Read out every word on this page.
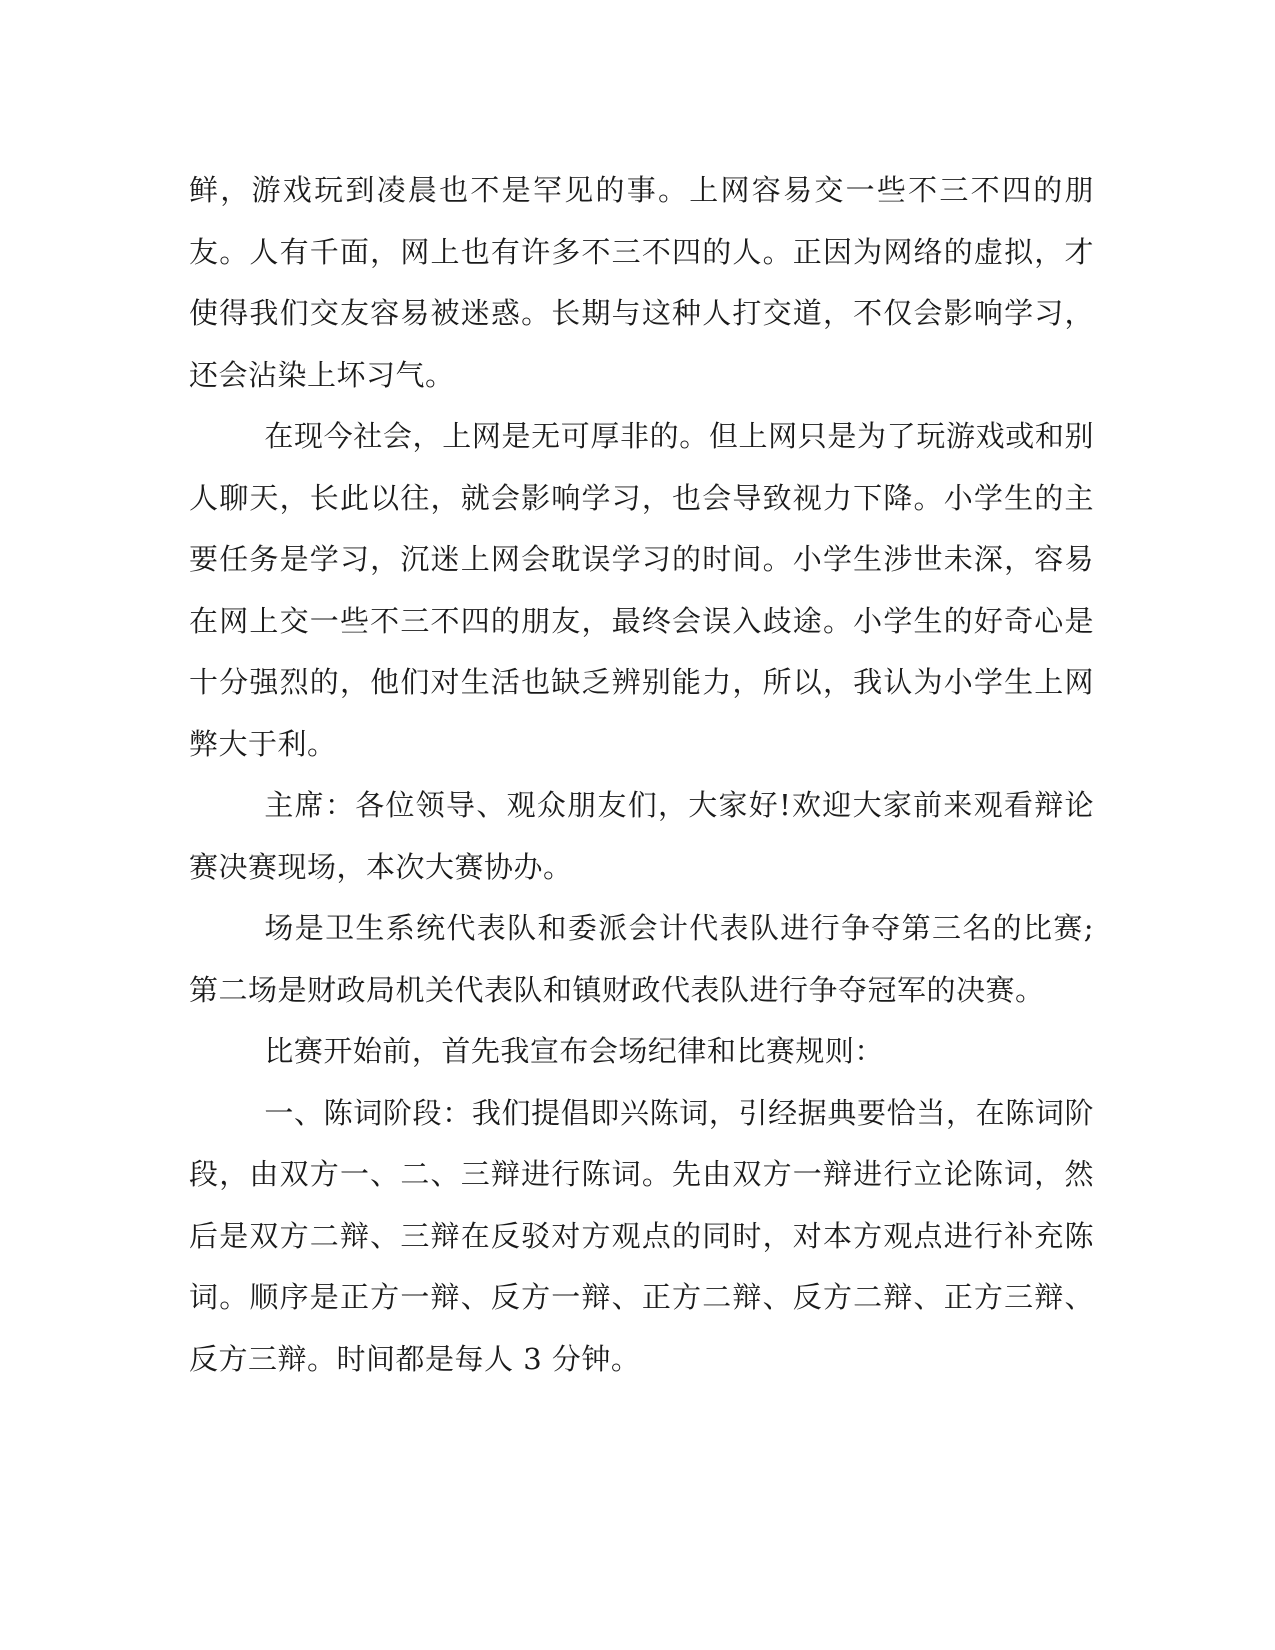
鲜，游戏玩到凌晨也不是罕见的事。上网容易交一些不三不四的朋友。人有千面，网上也有许多不三不四的人。正因为网络的虚拟，才使得我们交友容易被迷惑。长期与这种人打交道，不仅会影响学习，还会沾染上坏习气。

在现今社会，上网是无可厚非的。但上网只是为了玩游戏或和别人聊天，长此以往，就会影响学习，也会导致视力下降。小学生的主要任务是学习，沉迷上网会耽误学习的时间。小学生涉世未深，容易在网上交一些不三不四的朋友，最终会误入歧途。小学生的好奇心是十分强烈的，他们对生活也缺乏辨别能力，所以，我认为小学生上网弊大于利。

主席：各位领导、观众朋友们，大家好!欢迎大家前来观看辩论赛决赛现场，本次大赛协办。

场是卫生系统代表队和委派会计代表队进行争夺第三名的比赛;第二场是财政局机关代表队和镇财政代表队进行争夺冠军的决赛。

比赛开始前，首先我宣布会场纪律和比赛规则：

一、陈词阶段：我们提倡即兴陈词，引经据典要恰当，在陈词阶段，由双方一、二、三辩进行陈词。先由双方一辩进行立论陈词，然后是双方二辩、三辩在反驳对方观点的同时，对本方观点进行补充陈词。顺序是正方一辩、反方一辩、正方二辩、反方二辩、正方三辩、反方三辩。时间都是每人 3 分钟。
